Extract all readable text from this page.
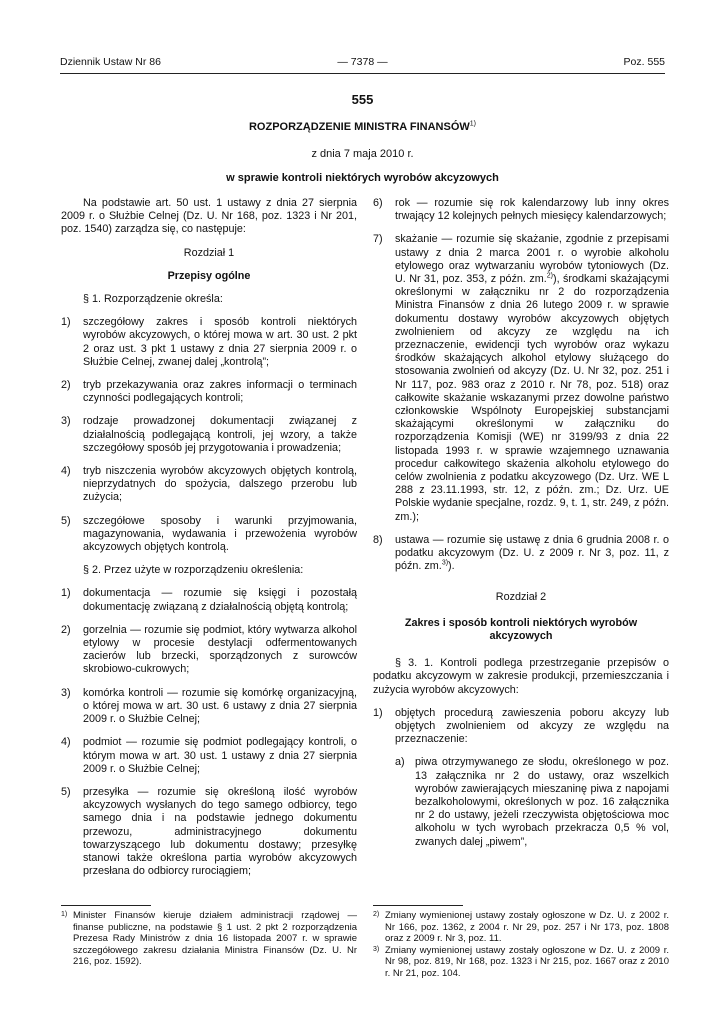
Dziennik Ustaw Nr 86	— 7378 —	Poz. 555
555
ROZPORZĄDZENIE MINISTRA FINANSÓW$^{1)}$
z dnia 7 maja 2010 r.
w sprawie kontroli niektórych wyrobów akcyzowych

Na podstawie art. 50 ust. 1 ustawy z dnia 27 sierpnia 2009 r. o Służbie Celnej (Dz. U. Nr 168, poz. 1323 i Nr 201, poz. 1540) zarządza się, co następuje:

Rozdział 1

Przepisy ogólne

§ 1. Rozporządzenie określa:

1)	szczegółowy zakres i sposób kontroli niektórych wyrobów akcyzowych, o której mowa w art. 30 ust. 2 pkt 2 oraz ust. 3 pkt 1 ustawy z dnia 27 sierpnia 2009 r. o Służbie Celnej, zwanej dalej „kontrolą”;
2)	tryb przekazywania oraz zakres informacji o terminach czynności podlegających kontroli;
3)	rodzaje prowadzonej dokumentacji związanej z działalnością podlegającą kontroli, jej wzory, a także szczegółowy sposób jej przygotowania i prowadzenia;
4)	tryb niszczenia wyrobów akcyzowych objętych kontrolą, nieprzydatnych do spożycia, dalszego przerobu lub zużycia;
5)	szczegółowe sposoby i warunki przyjmowania, magazynowania, wydawania i przewożenia wyrobów akcyzowych objętych kontrolą.

§ 2. Przez użyte w rozporządzeniu określenia:

1)	dokumentacja — rozumie się księgi i pozostałą dokumentację związaną z działalnością objętą kontrolą;
2)	gorzelnia — rozumie się podmiot, który wytwarza alkohol etylowy w procesie destylacji odfermentowanych zacierów lub brzecki, sporządzonych z surowców skrobiowo-cukrowych;
3)	komórka kontroli — rozumie się komórkę organizacyjną, o której mowa w art. 30 ust. 6 ustawy z dnia 27 sierpnia 2009 r. o Służbie Celnej;
4)	podmiot — rozumie się podmiot podlegający kontroli, o którym mowa w art. 30 ust. 1 ustawy z dnia 27 sierpnia 2009 r. o Służbie Celnej;
5)	przesyłka — rozumie się określoną ilość wyrobów akcyzowych wysłanych do tego samego odbiorcy, tego samego dnia i na podstawie jednego dokumentu przewozu, administracyjnego dokumentu towarzyszącego lub dokumentu dostawy; przesyłkę stanowi także określona partia wyrobów akcyzowych przesłana do odbiorcy rurociągiem;
6)	rok — rozumie się rok kalendarzowy lub inny okres trwający 12 kolejnych pełnych miesięcy kalendarzowych;
7)	skażanie — rozumie się skażanie, zgodnie z przepisami ustawy z dnia 2 marca 2001 r. o wyrobie alkoholu etylowego oraz wytwarzaniu wyrobów tytoniowych (Dz. U. Nr 31, poz. 353, z późn. zm.$^{2)}$), środkami skażającymi określonymi w załączniku nr 2 do rozporządzenia Ministra Finansów z dnia 26 lutego 2009 r. w sprawie dokumentu dostawy wyrobów akcyzowych objętych zwolnieniem od akcyzy ze względu na ich przeznaczenie, ewidencji tych wyrobów oraz wykazu środków skażających alkohol etylowy służącego do stosowania zwolnień od akcyzy (Dz. U. Nr 32, poz. 251 i Nr 117, poz. 983 oraz z 2010 r. Nr 78, poz. 518) oraz całkowite skażanie wskazanymi przez dowolne państwo członkowskie Wspólnoty Europejskiej substancjami skażającymi określonymi w załączniku do rozporządzenia Komisji (WE) nr 3199/93 z dnia 22 listopada 1993 r. w sprawie wzajemnego uznawania procedur całkowitego skażenia alkoholu etylowego do celów zwolnienia z podatku akcyzowego (Dz. Urz. WE L 288 z 23.11.1993, str. 12, z późn. zm.; Dz. Urz. UE Polskie wydanie specjalne, rozdz. 9, t. 1, str. 249, z późn. zm.);
8)	ustawa — rozumie się ustawę z dnia 6 grudnia 2008 r. o podatku akcyzowym (Dz. U. z 2009 r. Nr 3, poz. 11, z późn. zm.$^{3)}$).

Rozdział 2

Zakres i sposób kontroli niektórych wyrobów akcyzowych

§ 3. 1. Kontroli podlega przestrzeganie przepisów o podatku akcyzowym w zakresie produkcji, przemieszczania i zużycia wyrobów akcyzowych:

1)	objętych procedurą zawieszenia poboru akcyzy lub objętych zwolnieniem od akcyzy ze względu na przeznaczenie:
a) piwa otrzymywanego ze słodu, określonego w poz. 13 załącznika nr 2 do ustawy, oraz wszelkich wyrobów zawierających mieszaninę piwa z napojami bezalkoholowymi, określonych w poz. 16 załącznika nr 2 do ustawy, jeżeli rzeczywista objętościowa moc alkoholu w tych wyrobach przekracza 0,5 % vol, zwanych dalej „piwem”,
1) Minister Finansów kieruje działem administracji rządowej — finanse publiczne, na podstawie § 1 ust. 2 pkt 2 rozporządzenia Prezesa Rady Ministrów z dnia 16 listopada 2007 r. w sprawie szczegółowego zakresu działania Ministra Finansów (Dz. U. Nr 216, poz. 1592).
2) Zmiany wymienionej ustawy zostały ogłoszone w Dz. U. z 2002 r. Nr 166, poz. 1362, z 2004 r. Nr 29, poz. 257 i Nr 173, poz. 1808 oraz z 2009 r. Nr 3, poz. 11.
3) Zmiany wymienionej ustawy zostały ogłoszone w Dz. U. z 2009 r. Nr 98, poz. 819, Nr 168, poz. 1323 i Nr 215, poz. 1667 oraz z 2010 r. Nr 21, poz. 104.
